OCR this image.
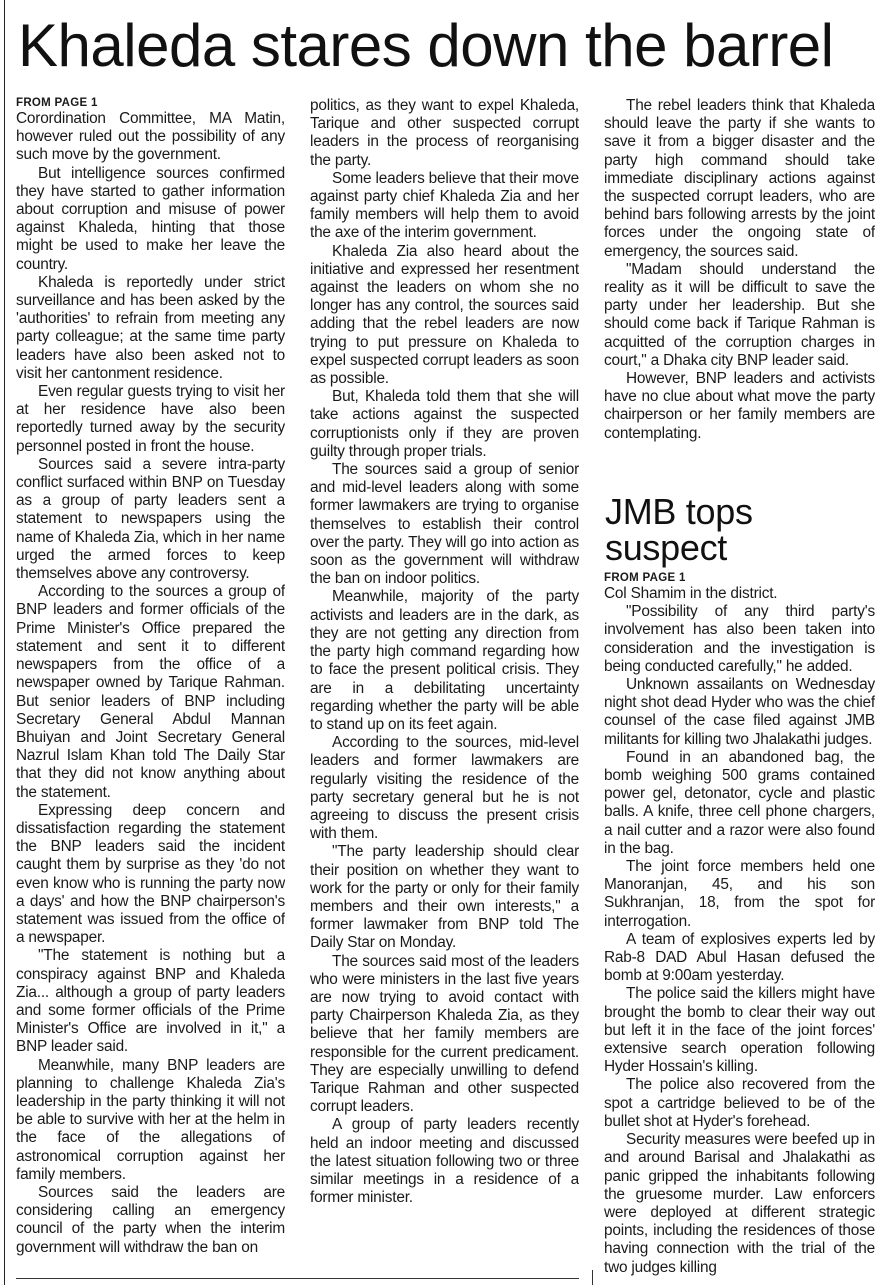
Khaleda stares down the barrel
FROM PAGE 1

Corordination Committee, MA Matin, however ruled out the possibility of any such move by the government.

But intelligence sources confirmed they have started to gather information about corruption and misuse of power against Khaleda, hinting that those might be used to make her leave the country.

Khaleda is reportedly under strict surveillance and has been asked by the 'authorities' to refrain from meeting any party colleague; at the same time party leaders have also been asked not to visit her cantonment residence.

Even regular guests trying to visit her at her residence have also been reportedly turned away by the security personnel posted in front the house.

Sources said a severe intra-party conflict surfaced within BNP on Tuesday as a group of party leaders sent a statement to newspapers using the name of Khaleda Zia, which in her name urged the armed forces to keep themselves above any controversy.

According to the sources a group of BNP leaders and former officials of the Prime Minister's Office prepared the statement and sent it to different newspapers from the office of a newspaper owned by Tarique Rahman. But senior leaders of BNP including Secretary General Abdul Mannan Bhuiyan and Joint Secretary General Nazrul Islam Khan told The Daily Star that they did not know anything about the statement.

Expressing deep concern and dissatisfaction regarding the statement the BNP leaders said the incident caught them by surprise as they 'do not even know who is running the party now a days' and how the BNP chairperson's statement was issued from the office of a newspaper.

"The statement is nothing but a conspiracy against BNP and Khaleda Zia... although a group of party leaders and some former officials of the Prime Minister's Office are involved in it," a BNP leader said.

Meanwhile, many BNP leaders are planning to challenge Khaleda Zia's leadership in the party thinking it will not be able to survive with her at the helm in the face of the allegations of astronomical corruption against her family members.

Sources said the leaders are considering calling an emergency council of the party when the interim government will withdraw the ban on

politics, as they want to expel Khaleda, Tarique and other suspected corrupt leaders in the process of reorganising the party.

Some leaders believe that their move against party chief Khaleda Zia and her family members will help them to avoid the axe of the interim government.

Khaleda Zia also heard about the initiative and expressed her resentment against the leaders on whom she no longer has any control, the sources said adding that the rebel leaders are now trying to put pressure on Khaleda to expel suspected corrupt leaders as soon as possible.

But, Khaleda told them that she will take actions against the suspected corruptionists only if they are proven guilty through proper trials.

The sources said a group of senior and mid-level leaders along with some former lawmakers are trying to organise themselves to establish their control over the party. They will go into action as soon as the government will withdraw the ban on indoor politics.

Meanwhile, majority of the party activists and leaders are in the dark, as they are not getting any direction from the party high command regarding how to face the present political crisis. They are in a debilitating uncertainty regarding whether the party will be able to stand up on its feet again.

According to the sources, mid-level leaders and former lawmakers are regularly visiting the residence of the party secretary general but he is not agreeing to discuss the present crisis with them.

"The party leadership should clear their position on whether they want to work for the party or only for their family members and their own interests," a former lawmaker from BNP told The Daily Star on Monday.

The sources said most of the leaders who were ministers in the last five years are now trying to avoid contact with party Chairperson Khaleda Zia, as they believe that her family members are responsible for the current predicament. They are especially unwilling to defend Tarique Rahman and other suspected corrupt leaders.

A group of party leaders recently held an indoor meeting and discussed the latest situation following two or three similar meetings in a residence of a former minister.

The rebel leaders think that Khaleda should leave the party if she wants to save it from a bigger disaster and the party high command should take immediate disciplinary actions against the suspected corrupt leaders, who are behind bars following arrests by the joint forces under the ongoing state of emergency, the sources said.

"Madam should understand the reality as it will be difficult to save the party under her leadership. But she should come back if Tarique Rahman is acquitted of the corruption charges in court," a Dhaka city BNP leader said.

However, BNP leaders and activists have no clue about what move the party chairperson or her family members are contemplating.

JMB tops suspect
FROM PAGE 1

Col Shamim in the district.

"Possibility of any third party's involvement has also been taken into consideration and the investigation is being conducted carefully," he added.

Unknown assailants on Wednesday night shot dead Hyder who was the chief counsel of the case filed against JMB militants for killing two Jhalakathi judges.

Found in an abandoned bag, the bomb weighing 500 grams contained power gel, detonator, cycle and plastic balls. A knife, three cell phone chargers, a nail cutter and a razor were also found in the bag.

The joint force members held one Manoranjan, 45, and his son Sukhranjan, 18, from the spot for interrogation.

A team of explosives experts led by Rab-8 DAD Abul Hasan defused the bomb at 9:00am yesterday.

The police said the killers might have brought the bomb to clear their way out but left it in the face of the joint forces' extensive search operation following Hyder Hossain's killing.

The police also recovered from the spot a cartridge believed to be of the bullet shot at Hyder's forehead.

Security measures were beefed up in and around Barisal and Jhalakathi as panic gripped the inhabitants following the gruesome murder. Law enforcers were deployed at different strategic points, including the residences of those having connection with the trial of the two judges killing
